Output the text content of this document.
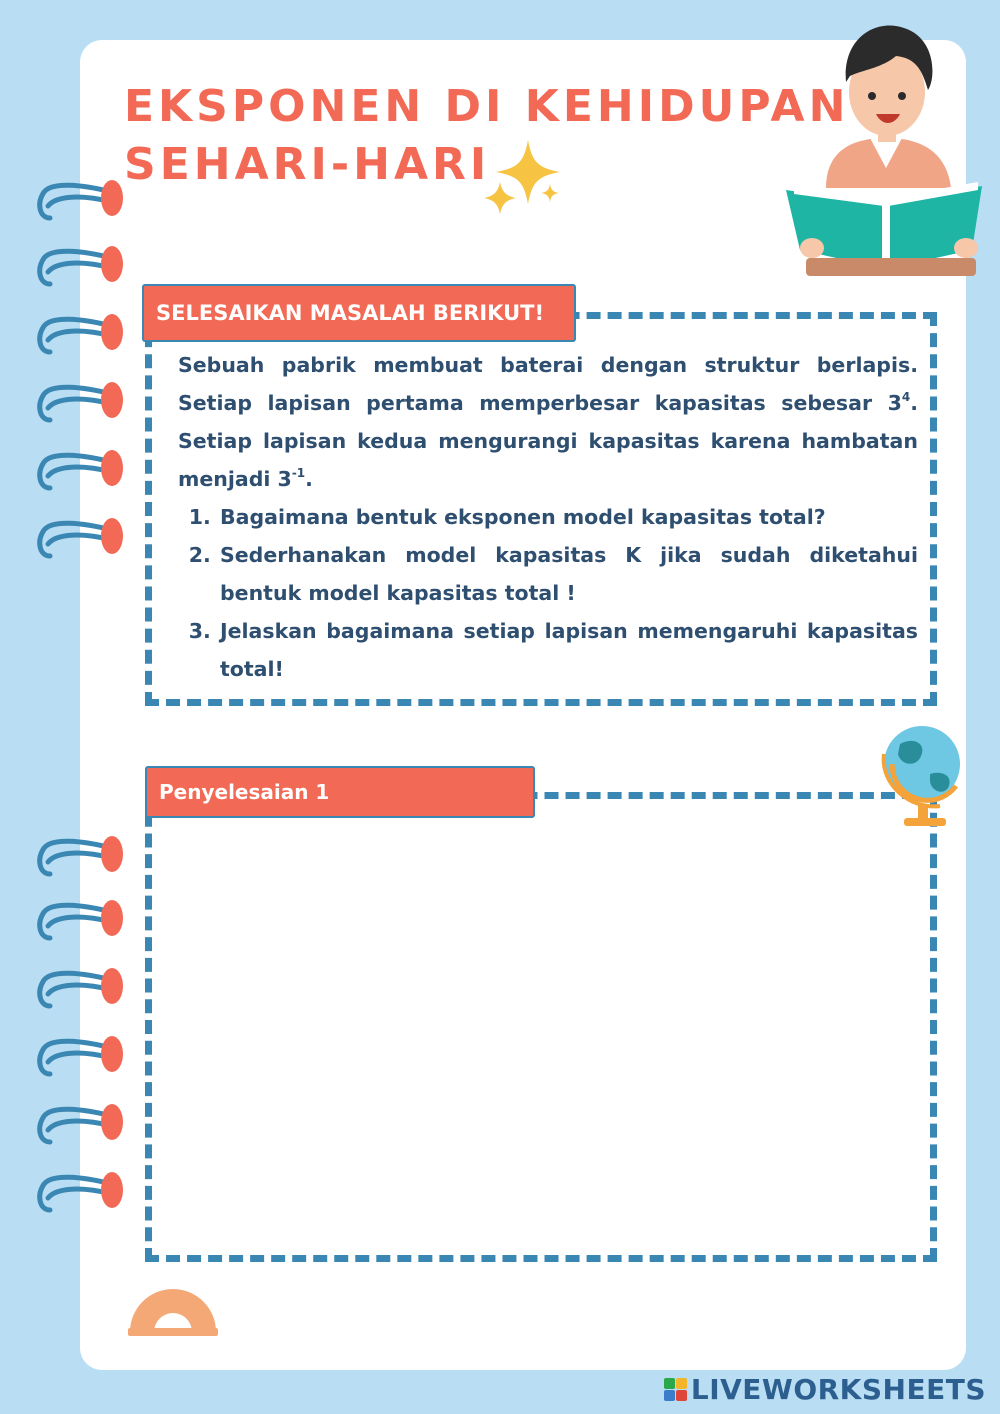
EKSPONEN DI KEHIDUPAN
SEHARI-HARI
SELESAIKAN MASALAH BERIKUT!

Sebuah pabrik membuat baterai dengan struktur berlapis. Setiap lapisan pertama memperbesar kapasitas sebesar $3^4$. Setiap lapisan kedua mengurangi kapasitas karena hambatan menjadi $3^{-1}$.

1. Bagaimana bentuk eksponen model kapasitas total?
2. Sederhanakan model kapasitas K jika sudah diketahui bentuk model kapasitas total !
3. Jelaskan bagaimana setiap lapisan memengaruhi kapasitas total!
Penyelesaian 1
LIVEWORKSHEETS
